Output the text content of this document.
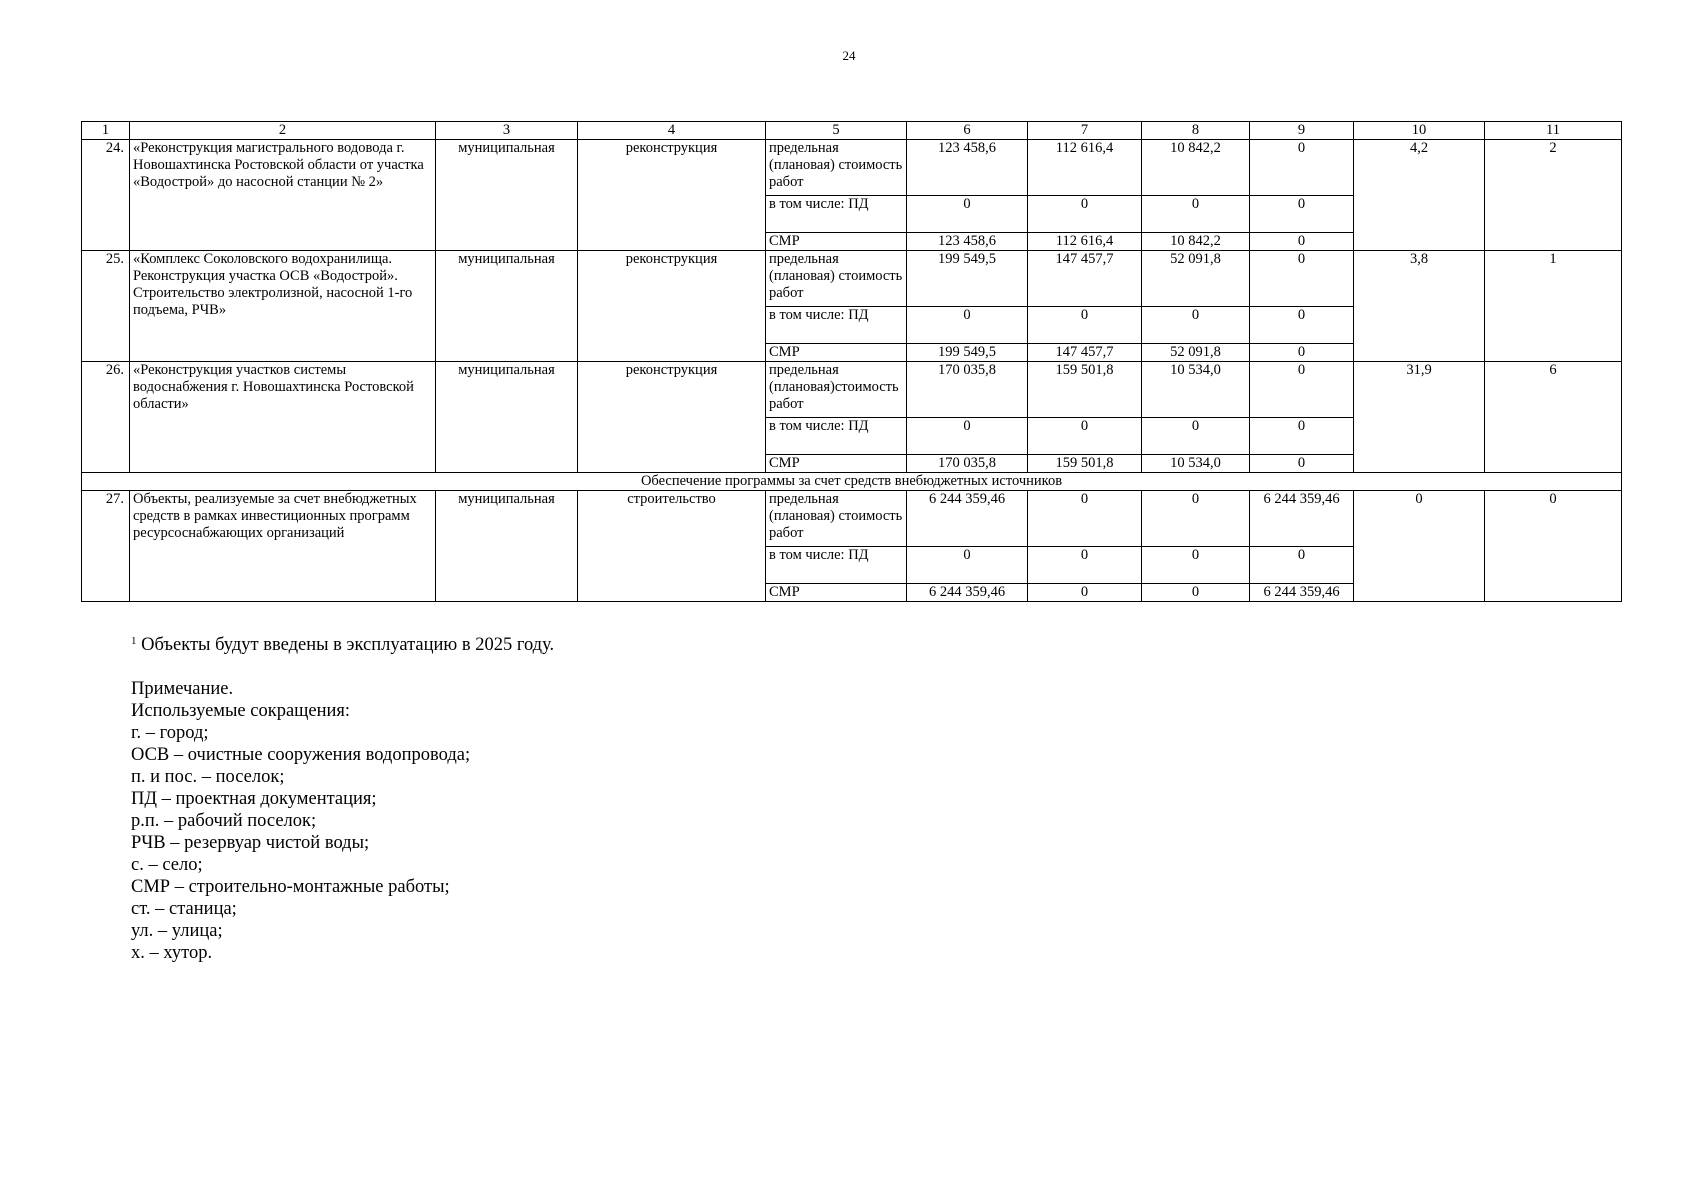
24
1	2	3	4	5	6	7	8	9	10	11
24.	«Реконструкция магистрального водовода г. Новошахтинска Ростовской области от участка «Водострой» до насосной станции № 2»	муниципальная	реконструкция	предельная (плановая) стоимость работ	123 458,6	112 616,4	10 842,2	0	4,2	2
				в том числе: ПД	0	0	0	0		
				СМР	123 458,6	112 616,4	10 842,2	0		
25.	«Комплекс Соколовского водохранилища. Реконструкция участка ОСВ «Водострой». Строительство электролизной, насосной 1-го подъема, РЧВ»	муниципальная	реконструкция	предельная (плановая) стоимость работ	199 549,5	147 457,7	52 091,8	0	3,8	1
				в том числе: ПД	0	0	0	0		
				СМР	199 549,5	147 457,7	52 091,8	0		
26.	«Реконструкция участков системы водоснабжения г. Новошахтинска Ростовской области»	муниципальная	реконструкция	предельная (плановая)стоимость работ	170 035,8	159 501,8	10 534,0	0	31,9	6
				в том числе: ПД	0	0	0	0		
				СМР	170 035,8	159 501,8	10 534,0	0		
Обеспечение программы за счет средств внебюджетных источников										
27.	Объекты, реализуемые за счет внебюджетных средств в рамках инвестиционных программ ресурсоснабжающих организаций	муниципальная	строительство	предельная (плановая) стоимость работ	6 244 359,46	0	0	6 244 359,46	0	0
				в том числе: ПД	0	0	0	0		
				СМР	6 244 359,46	0	0	6 244 359,46		
$^1$ Объекты будут введены в эксплуатацию в 2025 году.
Примечание.
Используемые сокращения:
г. – город;
ОСВ – очистные сооружения водопровода;
п. и пос. – поселок;
ПД – проектная документация;
р.п. – рабочий поселок;
РЧВ – резервуар чистой воды;
с. – село;
СМР – строительно-монтажные работы;
ст. – станица;
ул. – улица;
х. – хутор.
